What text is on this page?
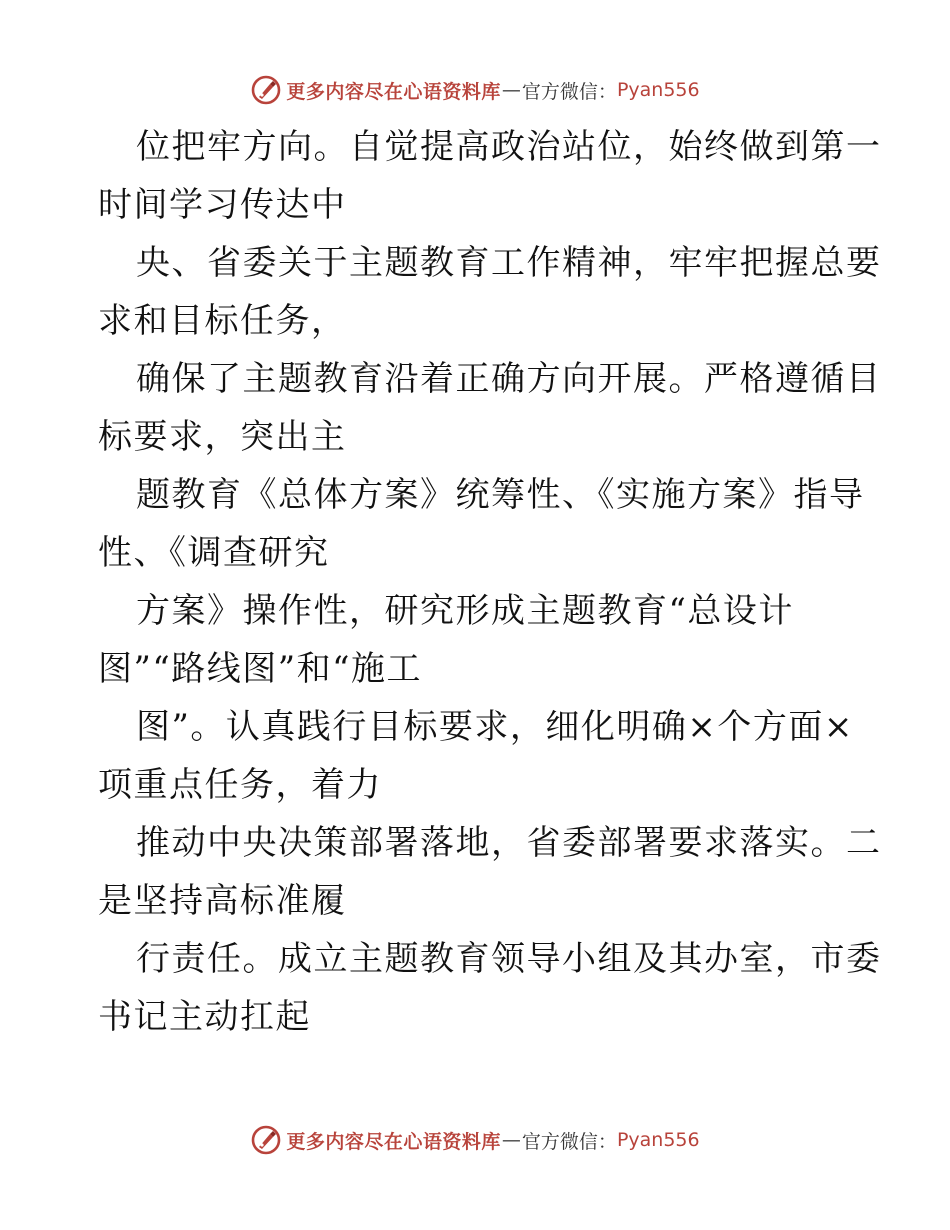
更多内容尽在心语资料库 — 官方微信： Pyan556
位把牢方向。自觉提高政治站位，始终做到第一
时间学习传达中
央、省委关于主题教育工作精神，牢牢把握总要
求和目标任务，
确保了主题教育沿着正确方向开展。严格遵循目
标要求，突出主
题教育《总体方案》统筹性、《实施方案》指导
性、《调查研究
方案》操作性，研究形成主题教育“总设计
图”“路线图”和“施工
图”。认真践行目标要求，细化明确×个方面×
项重点任务，着力
推动中央决策部署落地，省委部署要求落实。二
是坚持高标准履
行责任。成立主题教育领导小组及其办室，市委
书记主动扛起
更多内容尽在心语资料库 — 官方微信： Pyan556
